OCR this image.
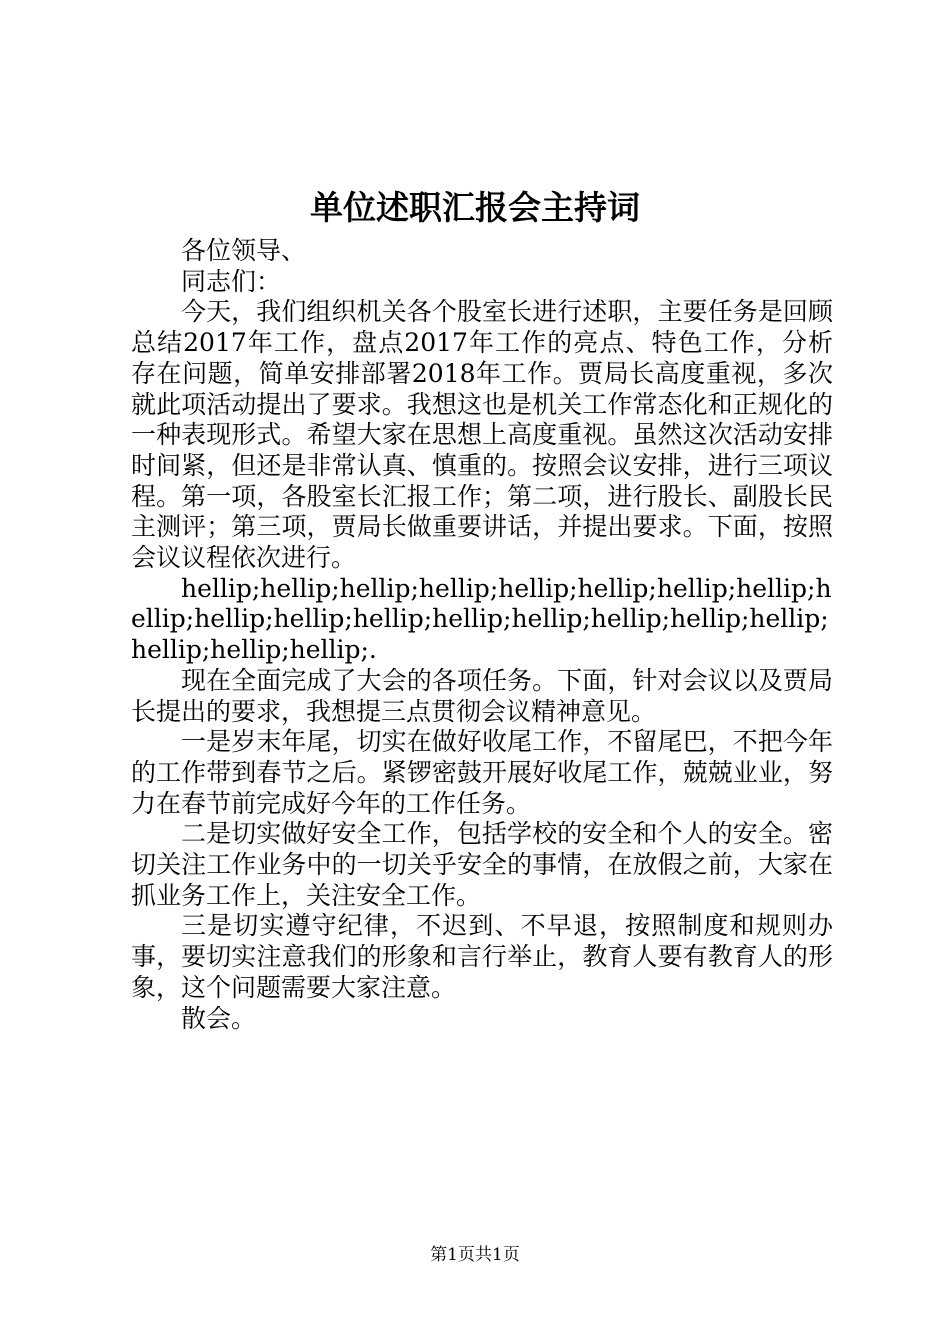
单位述职汇报会主持词

各位领导、

同志们：

今天，我们组织机关各个股室长进行述职，主要任务是回顾总结2017年工作，盘点2017年工作的亮点、特色工作，分析存在问题，简单安排部署2018年工作。贾局长高度重视，多次就此项活动提出了要求。我想这也是机关工作常态化和正规化的一种表现形式。希望大家在思想上高度重视。虽然这次活动安排时间紧，但还是非常认真、慎重的。按照会议安排，进行三项议程。第一项，各股室长汇报工作；第二项，进行股长、副股长民主测评；第三项，贾局长做重要讲话，并提出要求。下面，按照会议议程依次进行。

hellip;hellip;hellip;hellip;hellip;hellip;hellip;hellip;hellip;hellip;hellip;hellip;hellip;hellip;hellip;hellip;hellip;hellip;hellip;hellip;.

现在全面完成了大会的各项任务。下面，针对会议以及贾局长提出的要求，我想提三点贯彻会议精神意见。

一是岁末年尾，切实在做好收尾工作，不留尾巴，不把今年的工作带到春节之后。紧锣密鼓开展好收尾工作，兢兢业业，努力在春节前完成好今年的工作任务。

二是切实做好安全工作，包括学校的安全和个人的安全。密切关注工作业务中的一切关乎安全的事情，在放假之前，大家在抓业务工作上，关注安全工作。

三是切实遵守纪律，不迟到、不早退，按照制度和规则办事，要切实注意我们的形象和言行举止，教育人要有教育人的形象，这个问题需要大家注意。

散会。

第1页共1页
